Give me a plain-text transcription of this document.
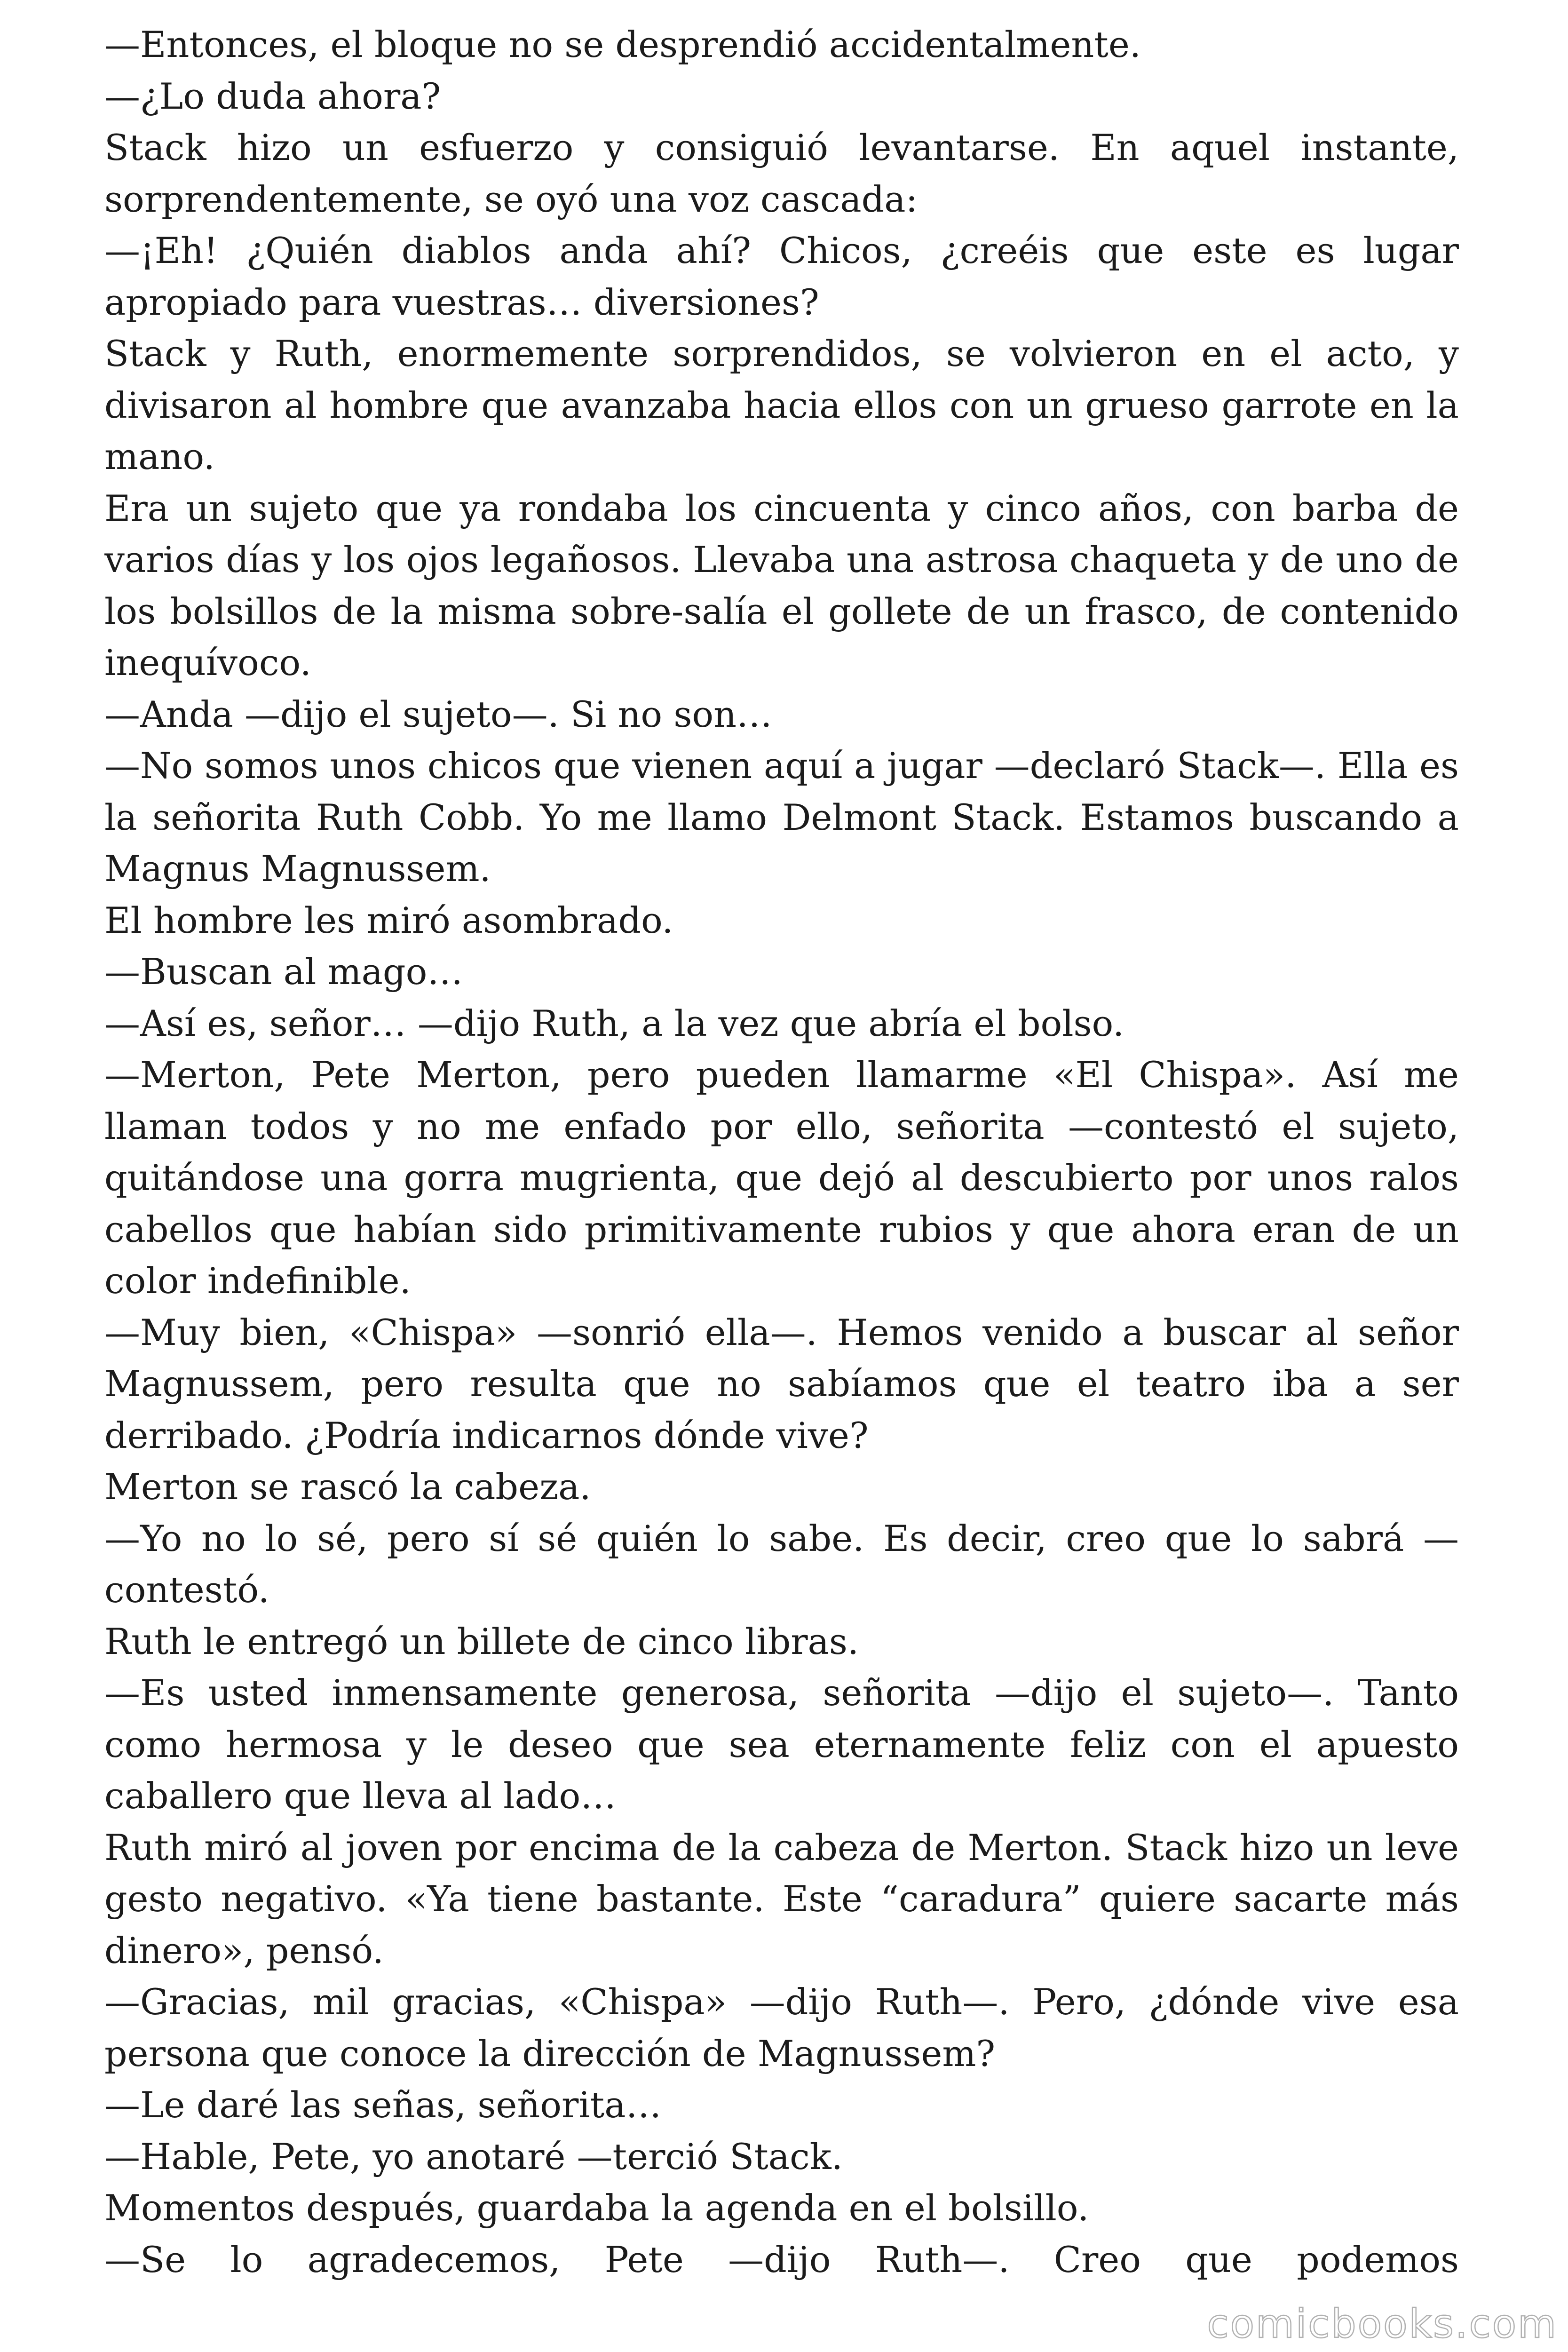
—Entonces, el bloque no se desprendió accidentalmente.

—¿Lo duda ahora?

Stack hizo un esfuerzo y consiguió levantarse. En aquel instante, sorprendentemente, se oyó una voz cascada:

—¡Eh! ¿Quién diablos anda ahí? Chicos, ¿creéis que este es lugar apropiado para vuestras… diversiones?

Stack y Ruth, enormemente sorprendidos, se volvieron en el acto, y divisaron al hombre que avanzaba hacia ellos con un grueso garrote en la mano.

Era un sujeto que ya rondaba los cincuenta y cinco años, con barba de varios días y los ojos legañosos. Llevaba una astrosa chaqueta y de uno de los bolsillos de la misma sobre-salía el gollete de un frasco, de contenido inequívoco.

—Anda —dijo el sujeto—. Si no son…

—No somos unos chicos que vienen aquí a jugar —declaró Stack—. Ella es la señorita Ruth Cobb. Yo me llamo Delmont Stack. Estamos buscando a Magnus Magnussem.

El hombre les miró asombrado.

—Buscan al mago…

—Así es, señor… —dijo Ruth, a la vez que abría el bolso.

—Merton, Pete Merton, pero pueden llamarme «El Chispa». Así me llaman todos y no me enfado por ello, señorita —contestó el sujeto, quitándose una gorra mugrienta, que dejó al descubierto por unos ralos cabellos que habían sido primitivamente rubios y que ahora eran de un color indefinible.

—Muy bien, «Chispa» —sonrió ella—. Hemos venido a buscar al señor Magnussem, pero resulta que no sabíamos que el teatro iba a ser derribado. ¿Podría indicarnos dónde vive?

Merton se rascó la cabeza.

—Yo no lo sé, pero sí sé quién lo sabe. Es decir, creo que lo sabrá —contestó.

Ruth le entregó un billete de cinco libras.

—Es usted inmensamente generosa, señorita —dijo el sujeto—. Tanto como hermosa y le deseo que sea eternamente feliz con el apuesto caballero que lleva al lado…

Ruth miró al joven por encima de la cabeza de Merton. Stack hizo un leve gesto negativo. «Ya tiene bastante. Este “caradura” quiere sacarte más dinero», pensó.

—Gracias, mil gracias, «Chispa» —dijo Ruth—. Pero, ¿dónde vive esa persona que conoce la dirección de Magnussem?

—Le daré las señas, señorita…

—Hable, Pete, yo anotaré —terció Stack.

Momentos después, guardaba la agenda en el bolsillo.

—Se lo agradecemos, Pete —dijo Ruth—. Creo que podemos

comicbooks.com
